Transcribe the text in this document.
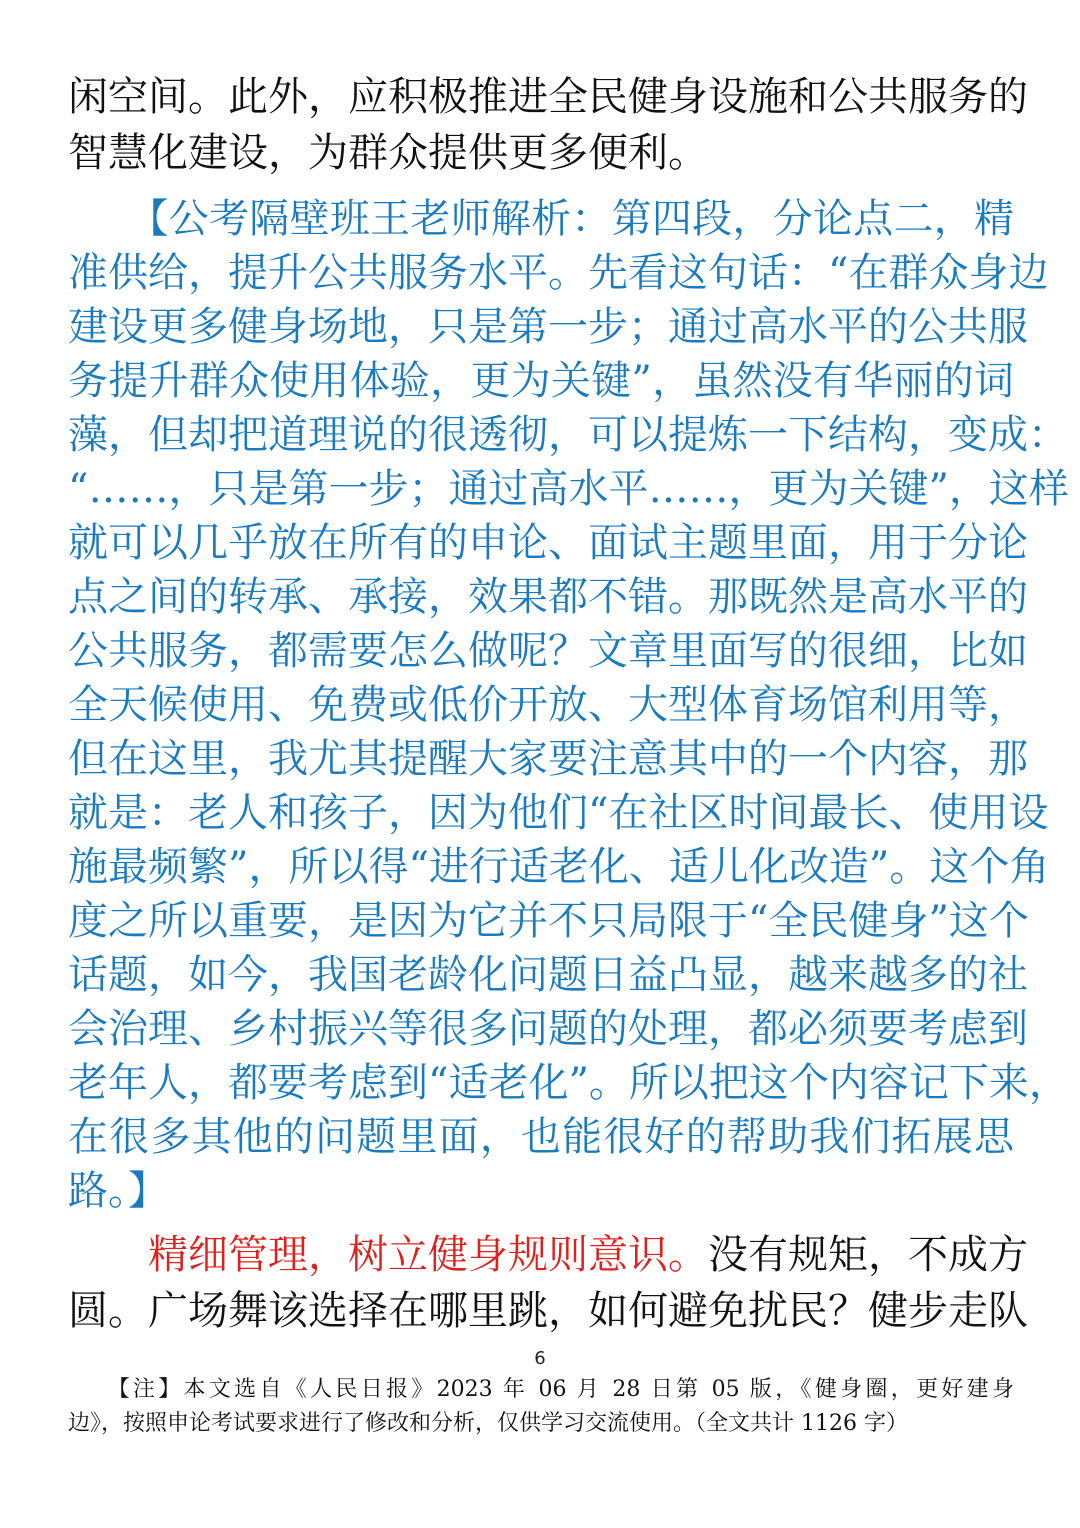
闲空间。此外，应积极推进全民健身设施和公共服务的
智慧化建设，为群众提供更多便利。
　　【公考隔壁班王老师解析：第四段，分论点二，精
准供给，提升公共服务水平。先看这句话：“在群众身边
建设更多健身场地，只是第一步；通过高水平的公共服
务提升群众使用体验，更为关键”，虽然没有华丽的词
藻，但却把道理说的很透彻，可以提炼一下结构，变成：
“……，只是第一步；通过高水平……，更为关键”，这样
就可以几乎放在所有的申论、面试主题里面，用于分论
点之间的转承、承接，效果都不错。那既然是高水平的
公共服务，都需要怎么做呢？文章里面写的很细，比如
全天候使用、免费或低价开放、大型体育场馆利用等，
但在这里，我尤其提醒大家要注意其中的一个内容，那
就是：老人和孩子，因为他们“在社区时间最长、使用设
施最频繁”，所以得“进行适老化、适儿化改造”。这个角
度之所以重要，是因为它并不只局限于“全民健身”这个
话题，如今，我国老龄化问题日益凸显，越来越多的社
会治理、乡村振兴等很多问题的处理，都必须要考虑到
老年人，都要考虑到“适老化”。所以把这个内容记下来，
在很多其他的问题里面，也能很好的帮助我们拓展思
路。】
　　精细管理，树立健身规则意识。没有规矩，不成方
圆。广场舞该选择在哪里跳，如何避免扰民？健步走队
6
　　【注】本文选自《人民日报》2023 年 06 月 28 日第 05 版，《健身圈，更好建身
边》，按照申论考试要求进行了修改和分析，仅供学习交流使用。（全文共计 1126 字）
